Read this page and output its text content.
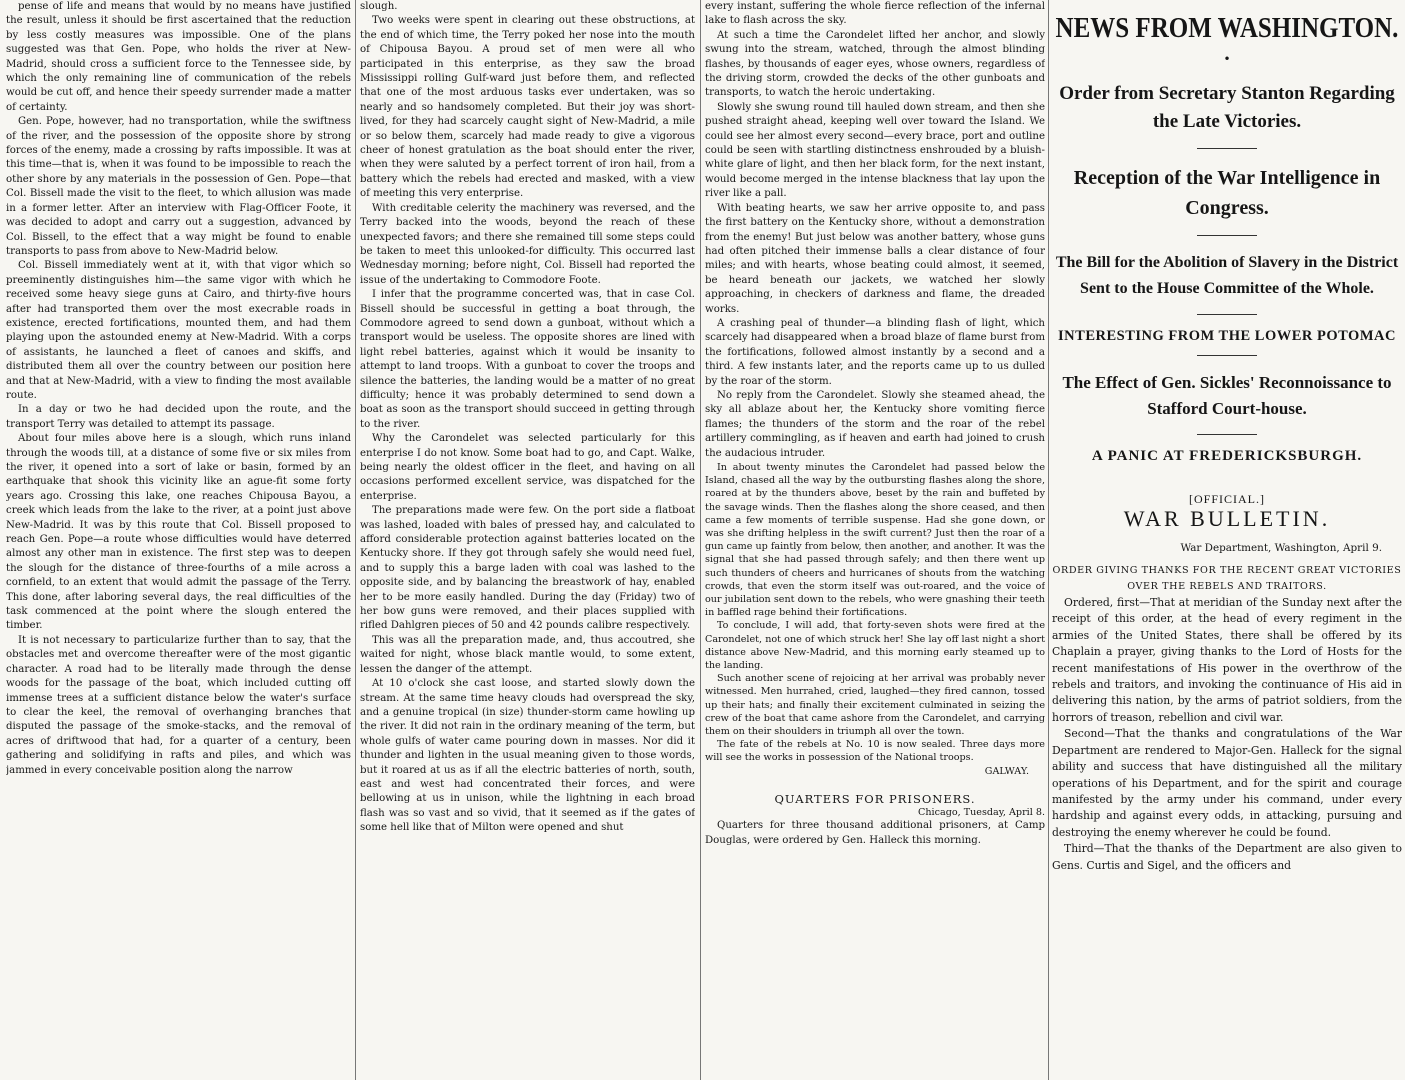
pense of life and means that would by no means have justified the result, unless it should be first ascertained that the reduction by less costly measures was impossible. One of the plans suggested was that Gen. Pope, who holds the river at New-Madrid, should cross a sufficient force to the Tennessee side, by which the only remaining line of communication of the rebels would be cut off, and hence their speedy surrender made a matter of certainty.

Gen. Pope, however, had no transportation, while the swiftness of the river, and the possession of the opposite shore by strong forces of the enemy, made a crossing by rafts impossible. It was at this time—that is, when it was found to be impossible to reach the other shore by any materials in the possession of Gen. Pope—that Col. Bissell made the visit to the fleet, to which allusion was made in a former letter. After an interview with Flag-Officer Foote, it was decided to adopt and carry out a suggestion, advanced by Col. Bissell, to the effect that a way might be found to enable transports to pass from above to New-Madrid below.

Col. Bissell immediately went at it, with that vigor which so preeminently distinguishes him—the same vigor with which he received some heavy siege guns at Cairo, and thirty-five hours after had transported them over the most execrable roads in existence, erected fortifications, mounted them, and had them playing upon the astounded enemy at New-Madrid. With a corps of assistants, he launched a fleet of canoes and skiffs, and distributed them all over the country between our position here and that at New-Madrid, with a view to finding the most available route.

In a day or two he had decided upon the route, and the transport Terry was detailed to attempt its passage.

About four miles above here is a slough, which runs inland through the woods till, at a distance of some five or six miles from the river, it opened into a sort of lake or basin, formed by an earthquake that shook this vicinity like an ague-fit some forty years ago. Crossing this lake, one reaches Chipousa Bayou, a creek which leads from the lake to the river, at a point just above New-Madrid. It was by this route that Col. Bissell proposed to reach Gen. Pope—a route whose difficulties would have deterred almost any other man in existence. The first step was to deepen the slough for the distance of three-fourths of a mile across a cornfield, to an extent that would admit the passage of the Terry. This done, after laboring several days, the real difficulties of the task commenced at the point where the slough entered the timber.

It is not necessary to particularize further than to say, that the obstacles met and overcome thereafter were of the most gigantic character. A road had to be literally made through the dense woods for the passage of the boat, which included cutting off immense trees at a sufficient distance below the water's surface to clear the keel, the removal of overhanging branches that disputed the passage of the smoke-stacks, and the removal of acres of driftwood that had, for a quarter of a century, been gathering and solidifying in rafts and piles, and which was jammed in every conceivable position along the narrow

slough.

Two weeks were spent in clearing out these obstructions, at the end of which time, the Terry poked her nose into the mouth of Chipousa Bayou. A proud set of men were all who participated in this enterprise, as they saw the broad Mississippi rolling Gulf-ward just before them, and reflected that one of the most arduous tasks ever undertaken, was so nearly and so handsomely completed. But their joy was short-lived, for they had scarcely caught sight of New-Madrid, a mile or so below them, scarcely had made ready to give a vigorous cheer of honest gratulation as the boat should enter the river, when they were saluted by a perfect torrent of iron hail, from a battery which the rebels had erected and masked, with a view of meeting this very enterprise.

With creditable celerity the machinery was reversed, and the Terry backed into the woods, beyond the reach of these unexpected favors; and there she remained till some steps could be taken to meet this unlooked-for difficulty. This occurred last Wednesday morning; before night, Col. Bissell had reported the issue of the undertaking to Commodore Foote.

I infer that the programme concerted was, that in case Col. Bissell should be successful in getting a boat through, the Commodore agreed to send down a gunboat, without which a transport would be useless. The opposite shores are lined with light rebel batteries, against which it would be insanity to attempt to land troops. With a gunboat to cover the troops and silence the batteries, the landing would be a matter of no great difficulty; hence it was probably determined to send down a boat as soon as the transport should succeed in getting through to the river.

Why the Carondelet was selected particularly for this enterprise I do not know. Some boat had to go, and Capt. Walke, being nearly the oldest officer in the fleet, and having on all occasions performed excellent service, was dispatched for the enterprise.

The preparations made were few. On the port side a flatboat was lashed, loaded with bales of pressed hay, and calculated to afford considerable protection against batteries located on the Kentucky shore. If they got through safely she would need fuel, and to supply this a barge laden with coal was lashed to the opposite side, and by balancing the breastwork of hay, enabled her to be more easily handled. During the day (Friday) two of her bow guns were removed, and their places supplied with rifled Dahlgren pieces of 50 and 42 pounds calibre respectively.

This was all the preparation made, and, thus accoutred, she waited for night, whose black mantle would, to some extent, lessen the danger of the attempt.

At 10 o'clock she cast loose, and started slowly down the stream. At the same time heavy clouds had overspread the sky, and a genuine tropical (in size) thunder-storm came howling up the river. It did not rain in the ordinary meaning of the term, but whole gulfs of water came pouring down in masses. Nor did it thunder and lighten in the usual meaning given to those words, but it roared at us as if all the electric batteries of north, south, east and west had concentrated their forces, and were bellowing at us in unison, while the lightning in each broad flash was so vast and so vivid, that it seemed as if the gates of some hell like that of Milton were opened and shut

every instant, suffering the whole fierce reflection of the infernal lake to flash across the sky.

At such a time the Carondelet lifted her anchor, and slowly swung into the stream, watched, through the almost blinding flashes, by thousands of eager eyes, whose owners, regardless of the driving storm, crowded the decks of the other gunboats and transports, to watch the heroic undertaking.

Slowly she swung round till hauled down stream, and then she pushed straight ahead, keeping well over toward the Island. We could see her almost every second—every brace, port and outline could be seen with startling distinctness enshrouded by a bluish-white glare of light, and then her black form, for the next instant, would become merged in the intense blackness that lay upon the river like a pall.

With beating hearts, we saw her arrive opposite to, and pass the first battery on the Kentucky shore, without a demonstration from the enemy! But just below was another battery, whose guns had often pitched their immense balls a clear distance of four miles; and with hearts, whose beating could almost, it seemed, be heard beneath our jackets, we watched her slowly approaching, in checkers of darkness and flame, the dreaded works.

A crashing peal of thunder—a blinding flash of light, which scarcely had disappeared when a broad blaze of flame burst from the fortifications, followed almost instantly by a second and a third. A few instants later, and the reports came up to us dulled by the roar of the storm.

No reply from the Carondelet. Slowly she steamed ahead, the sky all ablaze about her, the Kentucky shore vomiting fierce flames; the thunders of the storm and the roar of the rebel artillery commingling, as if heaven and earth had joined to crush the audacious intruder.

In about twenty minutes the Carondelet had passed below the Island, chased all the way by the outbursting flashes along the shore, roared at by the thunders above, beset by the rain and buffeted by the savage winds. Then the flashes along the shore ceased, and then came a few moments of terrible suspense. Had she gone down, or was she drifting helpless in the swift current? Just then the roar of a gun came up faintly from below, then another, and another. It was the signal that she had passed through safely; and then there went up such thunders of cheers and hurricanes of shouts from the watching crowds, that even the storm itself was out-roared, and the voice of our jubilation sent down to the rebels, who were gnashing their teeth in baffled rage behind their fortifications.

To conclude, I will add, that forty-seven shots were fired at the Carondelet, not one of which struck her! She lay off last night a short distance above New-Madrid, and this morning early steamed up to the landing.

Such another scene of rejoicing at her arrival was probably never witnessed. Men hurrahed, cried, laughed—they fired cannon, tossed up their hats; and finally their excitement culminated in seizing the crew of the boat that came ashore from the Carondelet, and carrying them on their shoulders in triumph all over the town.

The fate of the rebels at No. 10 is now sealed. Three days more will see the works in possession of the National troops.

GALWAY.

QUARTERS FOR PRISONERS.

Chicago, Tuesday, April 8.

Quarters for three thousand additional prisoners, at Camp Douglas, were ordered by Gen. Halleck this morning.

NEWS FROM WASHINGTON.
•
Order from Secretary Stanton Regarding the Late Victories.
Reception of the War Intelligence in Congress.
The Bill for the Abolition of Slavery in the District Sent to the House Committee of the Whole.
INTERESTING FROM THE LOWER POTOMAC
The Effect of Gen. Sickles' Reconnoissance to Stafford Court-house.
A PANIC AT FREDERICKSBURGH.
[OFFICIAL.]
WAR BULLETIN.
War Department, Washington, April 9.
ORDER GIVING THANKS FOR THE RECENT GREAT VICTORIES OVER THE REBELS AND TRAITORS.

Ordered, first—That at meridian of the Sunday next after the receipt of this order, at the head of every regiment in the armies of the United States, there shall be offered by its Chaplain a prayer, giving thanks to the Lord of Hosts for the recent manifestations of His power in the overthrow of the rebels and traitors, and invoking the continuance of His aid in delivering this nation, by the arms of patriot soldiers, from the horrors of treason, rebellion and civil war.

Second—That the thanks and congratulations of the War Department are rendered to Major-Gen. Halleck for the signal ability and success that have distinguished all the military operations of his Department, and for the spirit and courage manifested by the army under his command, under every hardship and against every odds, in attacking, pursuing and destroying the enemy wherever he could be found.

Third—That the thanks of the Department are also given to Gens. Curtis and Sigel, and the officers and
